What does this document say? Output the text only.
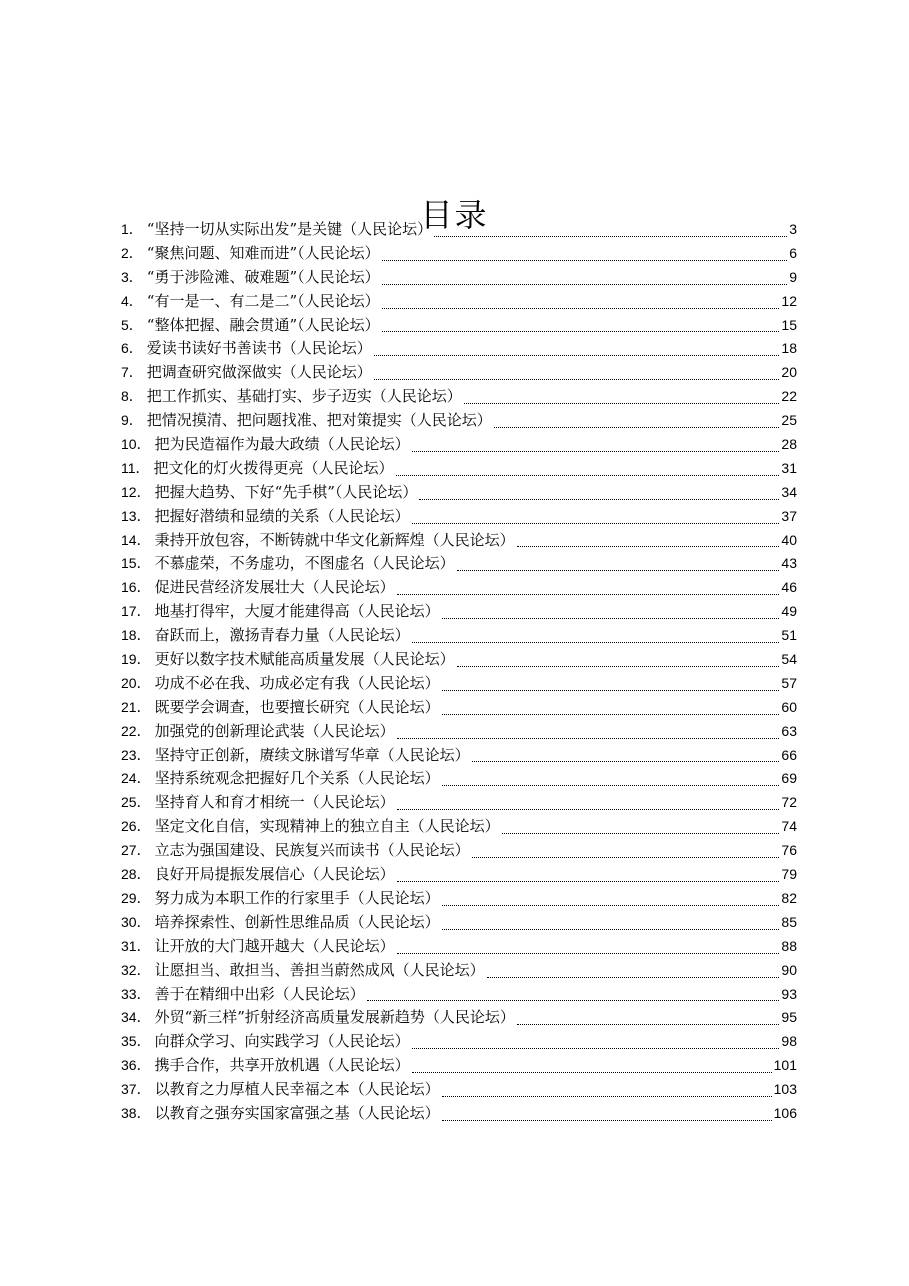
目录
1． “坚持一切从实际出发”是关键（人民论坛）	3
2． “聚焦问题、知难而进”（人民论坛）	6
3． “勇于涉险滩、破难题”（人民论坛）	9
4． “有一是一、有二是二”（人民论坛）	12
5． “整体把握、融会贯通”（人民论坛）	15
6． 爱读书读好书善读书（人民论坛）	18
7． 把调查研究做深做实（人民论坛）	20
8． 把工作抓实、基础打实、步子迈实（人民论坛）	22
9． 把情况摸清、把问题找准、把对策提实（人民论坛）	25
10． 把为民造福作为最大政绩（人民论坛）	28
11． 把文化的灯火拨得更亮（人民论坛）	31
12． 把握大趋势、下好“先手棋”（人民论坛）	34
13． 把握好潜绩和显绩的关系（人民论坛）	37
14． 秉持开放包容，不断铸就中华文化新辉煌（人民论坛）	40
15． 不慕虚荣，不务虚功，不图虚名（人民论坛）	43
16． 促进民营经济发展壮大（人民论坛）	46
17． 地基打得牢，大厦才能建得高（人民论坛）	49
18． 奋跃而上，激扬青春力量（人民论坛）	51
19． 更好以数字技术赋能高质量发展（人民论坛）	54
20． 功成不必在我、功成必定有我（人民论坛）	57
21． 既要学会调查，也要擅长研究（人民论坛）	60
22． 加强党的创新理论武装（人民论坛）	63
23． 坚持守正创新，赓续文脉谱写华章（人民论坛）	66
24． 坚持系统观念把握好几个关系（人民论坛）	69
25． 坚持育人和育才相统一（人民论坛）	72
26． 坚定文化自信，实现精神上的独立自主（人民论坛）	74
27． 立志为强国建设、民族复兴而读书（人民论坛）	76
28． 良好开局提振发展信心（人民论坛）	79
29． 努力成为本职工作的行家里手（人民论坛）	82
30． 培养探索性、创新性思维品质（人民论坛）	85
31． 让开放的大门越开越大（人民论坛）	88
32． 让愿担当、敢担当、善担当蔚然成风（人民论坛）	90
33． 善于在精细中出彩（人民论坛）	93
34． 外贸“新三样”折射经济高质量发展新趋势（人民论坛）	95
35． 向群众学习、向实践学习（人民论坛）	98
36． 携手合作，共享开放机遇（人民论坛）	101
37． 以教育之力厚植人民幸福之本（人民论坛）	103
38． 以教育之强夯实国家富强之基（人民论坛）	106
